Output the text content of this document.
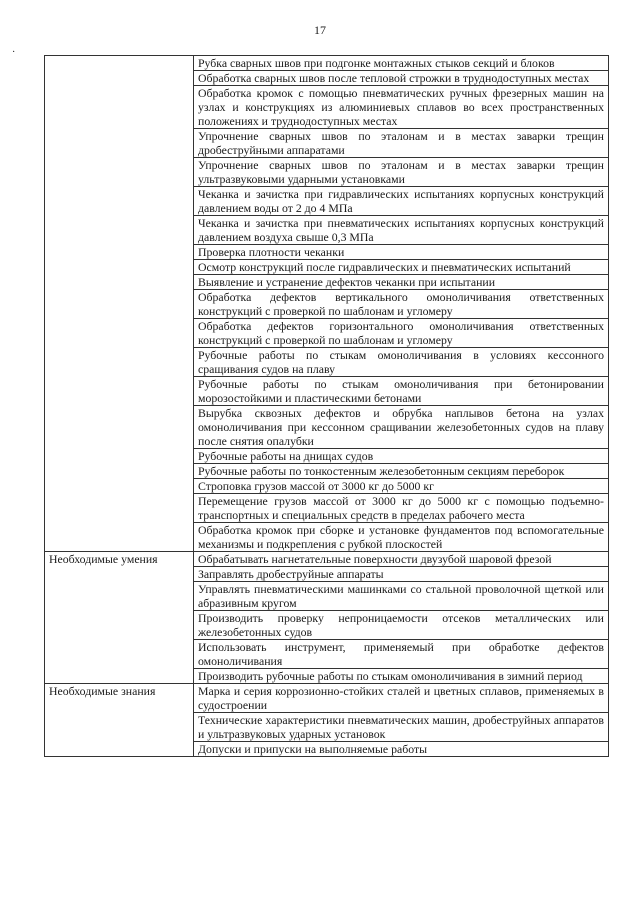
17
·
	Рубка сварных швов при подгонке монтажных стыков секций и блоков
	Обработка сварных швов после тепловой строжки в труднодоступных местах
	Обработка кромок с помощью пневматических ручных фрезерных машин на узлах и конструкциях из алюминиевых сплавов во всех пространственных положениях и труднодоступных местах
	Упрочнение сварных швов по эталонам и в местах заварки трещин дробеструйными аппаратами
	Упрочнение сварных швов по эталонам и в местах заварки трещин ультразвуковыми ударными установками
	Чеканка и зачистка при гидравлических испытаниях корпусных конструкций давлением воды от 2 до 4 МПа
	Чеканка и зачистка при пневматических испытаниях корпусных конструкций давлением воздуха свыше 0,3 МПа
	Проверка плотности чеканки
	Осмотр конструкций после гидравлических и пневматических испытаний
	Выявление и устранение дефектов чеканки при испытании
	Обработка дефектов вертикального омоноличивания ответственных конструкций с проверкой по шаблонам и угломеру
	Обработка дефектов горизонтального омоноличивания ответственных конструкций с проверкой по шаблонам и угломеру
	Рубочные работы по стыкам омоноличивания в условиях кессонного сращивания судов на плаву
	Рубочные работы по стыкам омоноличивания при бетонировании морозостойкими и пластическими бетонами
	Вырубка сквозных дефектов и обрубка наплывов бетона на узлах омоноличивания при кессонном сращивании железобетонных судов на плаву после снятия опалубки
	Рубочные работы на днищах судов
	Рубочные работы по тонкостенным железобетонным секциям переборок
	Строповка грузов массой от 3000 кг до 5000 кг
	Перемещение грузов массой от 3000 кг до 5000 кг с помощью подъемно-транспортных и специальных средств в пределах рабочего места
	Обработка кромок при сборке и установке фундаментов под вспомогательные механизмы и подкрепления с рубкой плоскостей
Необходимые умения	Обрабатывать нагнетательные поверхности двузубой шаровой фрезой
	Заправлять дробеструйные аппараты
	Управлять пневматическими машинками со стальной проволочной щеткой или абразивным кругом
	Производить проверку непроницаемости отсеков металлических или железобетонных судов
	Использовать инструмент, применяемый при обработке дефектов омоноличивания
	Производить рубочные работы по стыкам омоноличивания в зимний период
Необходимые знания	Марка и серия коррозионно-стойких сталей и цветных сплавов, применяемых в судостроении
	Технические характеристики пневматических машин, дробеструйных аппаратов и ультразвуковых ударных установок
	Допуски и припуски на выполняемые работы
